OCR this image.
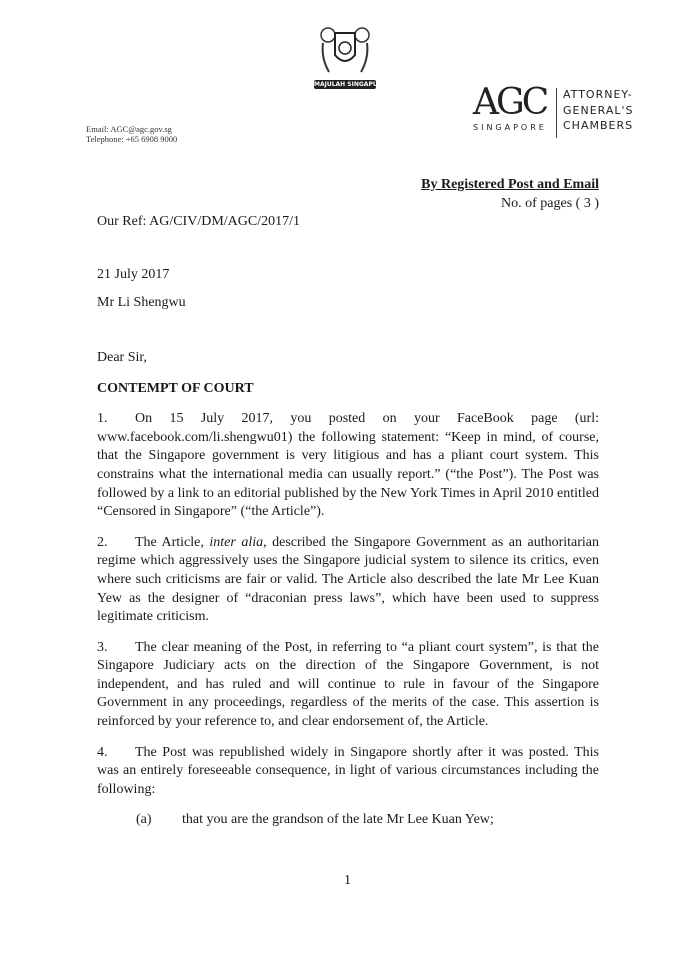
MAJULAH SINGAPURA AGC
SINGAPORE
ATTORNEY-
GENERAL'S
CHAMBERS
Email: AGC@agc.gov.sg
Telephone: +65 6908 9000
By Registered Post and Email
No. of pages ( 3 )
Our Ref: AG/CIV/DM/AGC/2017/1
21 July 2017
Mr Li Shengwu
Dear Sir,
CONTEMPT OF COURT
1. On 15 July 2017, you posted on your FaceBook page (url: www.facebook.com/li.shengwu01) the following statement: “Keep in mind, of course, that the Singapore government is very litigious and has a pliant court system. This constrains what the international media can usually report.” (“the Post”). The Post was followed by a link to an editorial published by the New York Times in April 2010 entitled “Censored in Singapore” (“the Article”).
2. The Article, inter alia, described the Singapore Government as an authoritarian regime which aggressively uses the Singapore judicial system to silence its critics, even where such criticisms are fair or valid. The Article also described the late Mr Lee Kuan Yew as the designer of “draconian press laws”, which have been used to suppress legitimate criticism.
3. The clear meaning of the Post, in referring to “a pliant court system”, is that the Singapore Judiciary acts on the direction of the Singapore Government, is not independent, and has ruled and will continue to rule in favour of the Singapore Government in any proceedings, regardless of the merits of the case. This assertion is reinforced by your reference to, and clear endorsement of, the Article.
4. The Post was republished widely in Singapore shortly after it was posted. This was an entirely foreseeable consequence, in light of various circumstances including the following:
(a) that you are the grandson of the late Mr Lee Kuan Yew;
1
